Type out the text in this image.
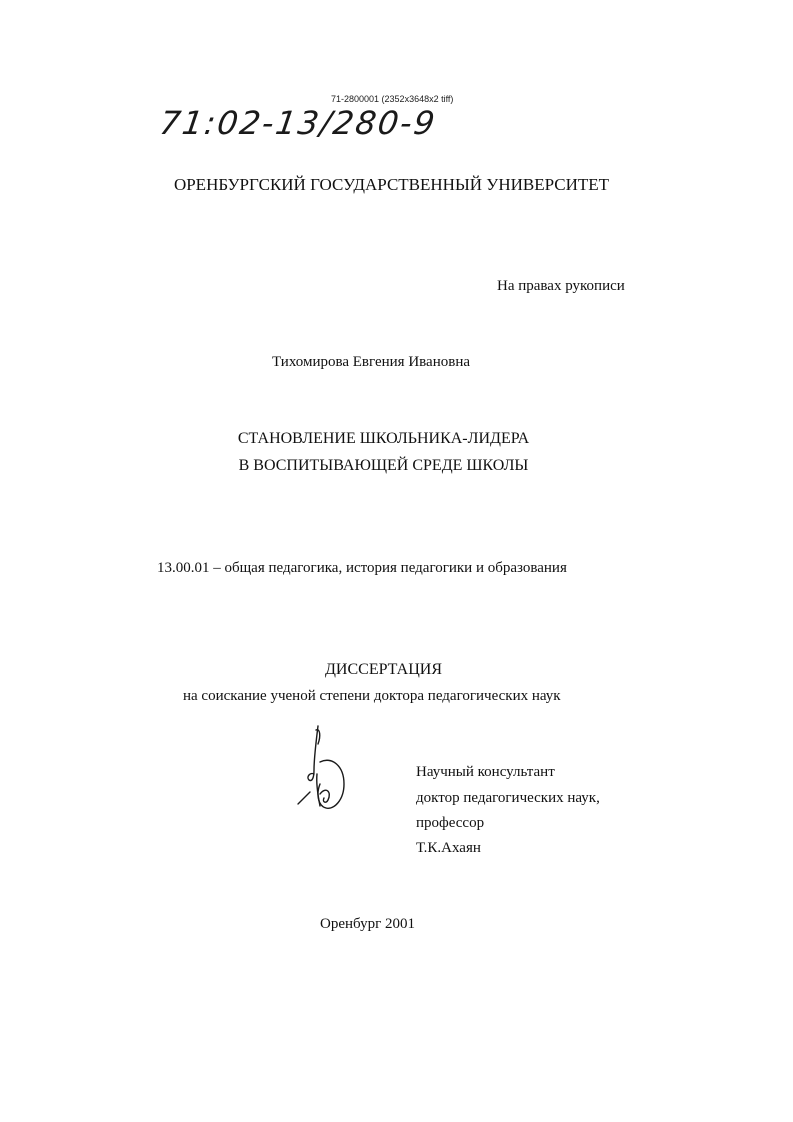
71-2800001 (2352x3648x2 tiff)
71:02-13/280-9
ОРЕНБУРГСКИЙ ГОСУДАРСТВЕННЫЙ УНИВЕРСИТЕТ
На правах рукописи
Тихомирова Евгения Ивановна
СТАНОВЛЕНИЕ ШКОЛЬНИКА-ЛИДЕРА
В ВОСПИТЫВАЮЩЕЙ СРЕДЕ ШКОЛЫ
13.00.01 – общая педагогика, история педагогики и образования
ДИССЕРТАЦИЯ
на соискание ученой степени доктора педагогических наук
Научный консультант
доктор педагогических наук,
профессор
Т.К.Ахаян
Оренбург 2001
